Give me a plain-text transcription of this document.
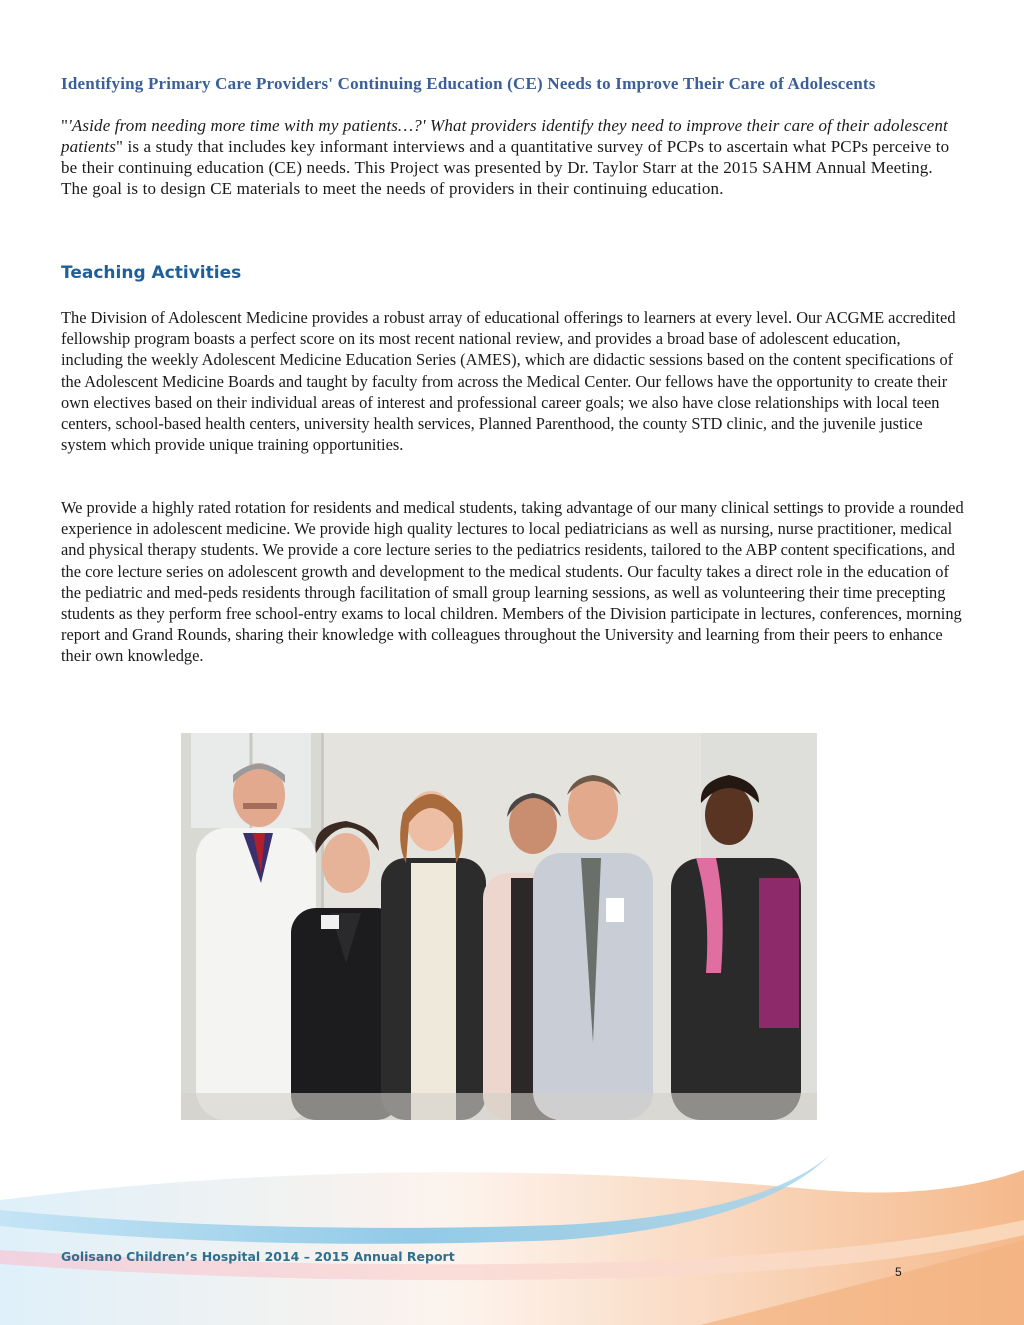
Identifying Primary Care Providers' Continuing Education (CE) Needs to Improve Their Care of Adolescents
"'Aside from needing more time with my patients…?' What providers identify they need to improve their care of their adolescent patients" is a study that includes key informant interviews and a quantitative survey of PCPs to ascertain what PCPs perceive to be their continuing education (CE) needs. This Project was presented by Dr. Taylor Starr at the 2015 SAHM Annual Meeting. The goal is to design CE materials to meet the needs of providers in their continuing education.
Teaching Activities
The Division of Adolescent Medicine provides a robust array of educational offerings to learners at every level. Our ACGME accredited fellowship program boasts a perfect score on its most recent national review, and provides a broad base of adolescent education, including the weekly Adolescent Medicine Education Series (AMES), which are didactic sessions based on the content specifications of the Adolescent Medicine Boards and taught by faculty from across the Medical Center. Our fellows have the opportunity to create their own electives based on their individual areas of interest and professional career goals; we also have close relationships with local teen centers, school-based health centers, university health services, Planned Parenthood, the county STD clinic, and the juvenile justice system which provide unique training opportunities.
We provide a highly rated rotation for residents and medical students, taking advantage of our many clinical settings to provide a rounded experience in adolescent medicine. We provide high quality lectures to local pediatricians as well as nursing, nurse practitioner, medical and physical therapy students. We provide a core lecture series to the pediatrics residents, tailored to the ABP content specifications, and the core lecture series on adolescent growth and development to the medical students. Our faculty takes a direct role in the education of the pediatric and med-peds residents through facilitation of small group learning sessions, as well as volunteering their time precepting students as they perform free school-entry exams to local children. Members of the Division participate in lectures, conferences, morning report and Grand Rounds, sharing their knowledge with colleagues throughout the University and learning from their peers to enhance their own knowledge.
Golisano Children’s Hospital 2014 – 2015 Annual Report
5
